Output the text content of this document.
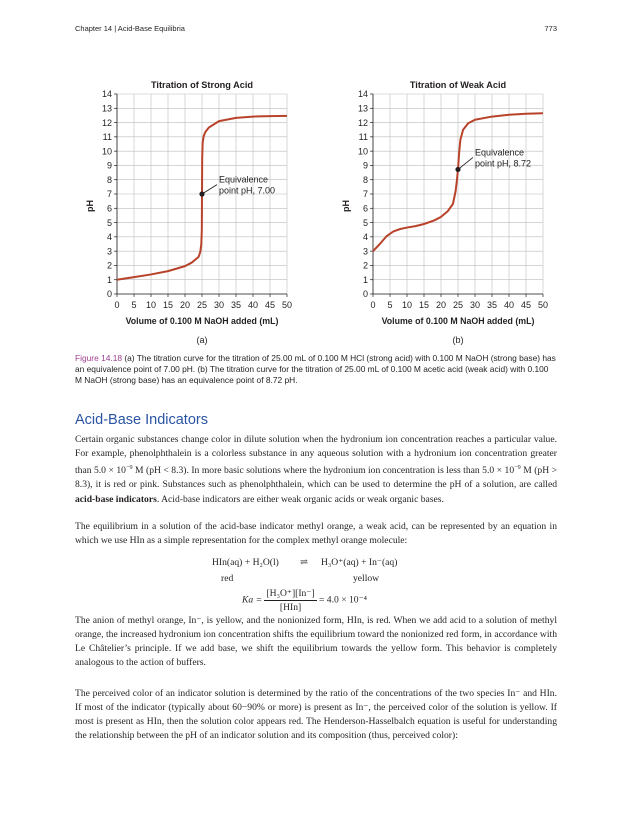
Chapter 14 | Acid-Base Equilibria	773
0
1
2
3
4
5
6
7
8
9
10
11
12
13
14
0 5 10 15 20 25 30 35 40 45 50
Titration of Strong Acid
Volume of 0.100 M NaOH added (mL)
pH
(a)
Equivalence
point pH, 7.00
0
1
2
3
4
5
6
7
8
9
10
11
12
13
14
0 5 10 15 20 25 30 35 40 45 50
Titration of Weak Acid
Volume of 0.100 M NaOH added (mL)
pH
(b)
Equivalence
point pH, 8.72

Figure 14.18 (a) The titration curve for the titration of 25.00 mL of 0.100 M HCl (strong acid) with 0.100 M NaOH (strong base) has an equivalence point of 7.00 pH. (b) The titration curve for the titration of 25.00 mL of 0.100 M acetic acid (weak acid) with 0.100 M NaOH (strong base) has an equivalence point of 8.72 pH.

Acid-Base Indicators

Certain organic substances change color in dilute solution when the hydronium ion concentration reaches a particular value. For example, phenolphthalein is a colorless substance in any aqueous solution with a hydronium ion concentration greater than $5.0 \times 10^{-9}$ M (pH < 8.3). In more basic solutions where the hydronium ion concentration is less than $5.0 \times 10^{-9}$ M (pH > 8.3), it is red or pink. Substances such as phenolphthalein, which can be used to determine the pH of a solution, are called acid-base indicators. Acid-base indicators are either weak organic acids or weak organic bases.

The equilibrium in a solution of the acid-base indicator methyl orange, a weak acid, can be represented by an equation in which we use HIn as a simple representation for the complex methyl orange molecule:

HIn(aq) + H₂O(l) ⇌ H₃O⁺(aq) + In⁻(aq)
red	yellow
$Ka = \frac{\text{[H₃O⁺][In⁻]}}{\text{[HIn]}} = 4.0 \times 10^{-4}$

The anion of methyl orange, In⁻, is yellow, and the nonionized form, HIn, is red. When we add acid to a solution of methyl orange, the increased hydronium ion concentration shifts the equilibrium toward the nonionized red form, in accordance with Le Châtelier’s principle. If we add base, we shift the equilibrium towards the yellow form. This behavior is completely analogous to the action of buffers.

The perceived color of an indicator solution is determined by the ratio of the concentrations of the two species In⁻ and HIn. If most of the indicator (typically about 60−90% or more) is present as In⁻, the perceived color of the solution is yellow. If most is present as HIn, then the solution color appears red. The Henderson-Hasselbalch equation is useful for understanding the relationship between the pH of an indicator solution and its composition (thus, perceived color):
